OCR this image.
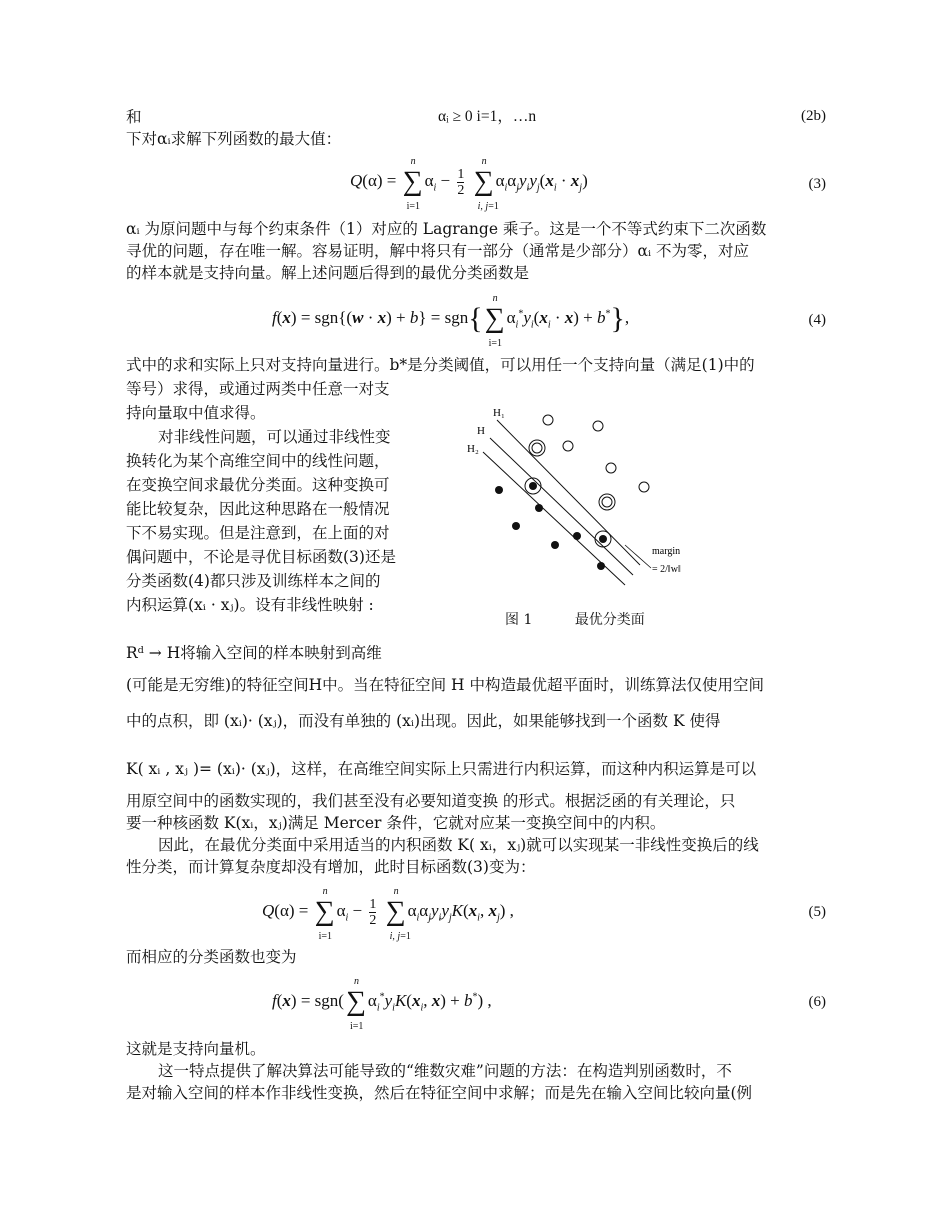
和	αᵢ ≥ 0 i=1，…n	(2b)
下对αᵢ求解下列函数的最大值：
Q(α) = ∑
n
i=1
$\alpha_i - \frac{1}{2}$ ∑
n
i, j=1
$\alpha_i\alpha_jy_iy_j(x_i \cdot x_j)$	(3)
αᵢ 为原问题中与每个约束条件（1）对应的 Lagrange 乘子。这是一个不等式约束下二次函数
寻优的问题，存在唯一解。容易证明，解中将只有一部分（通常是少部分）αᵢ 不为零，对应
的样本就是支持向量。解上述问题后得到的最优分类函数是
f(x) = sgn{(w · x) + b} = sgn{∑
n
i=1
$\alpha_i^*y_i(x_i \cdot x) + b^*$},	(4)
式中的求和实际上只对支持向量进行。b*是分类阈值，可以用任一个支持向量（满足(1)中的
等号）求得，或通过两类中任意一对支
持向量取中值求得。
对非线性问题，可以通过非线性变
换转化为某个高维空间中的线性问题，
在变换空间求最优分类面。这种变换可
能比较复杂，因此这种思路在一般情况
下不易实现。但是注意到，在上面的对
偶问题中，不论是寻优目标函数(3)还是
分类函数(4)都只涉及训练样本之间的
内积运算(xᵢ · xⱼ)。设有非线性映射 :
H₁
H
H₂
margin
= 2/‖w‖
图 1	最优分类面
Rᵈ → H将输入空间的样本映射到高维
(可能是无穷维)的特征空间H中。当在特征空间 H 中构造最优超平面时，训练算法仅使用空间
中的点积，即 (xᵢ)· (xⱼ)，而没有单独的 (xᵢ)出现。因此，如果能够找到一个函数 K 使得
K( xᵢ , xⱼ )= (xᵢ)· (xⱼ)，这样，在高维空间实际上只需进行内积运算，而这种内积运算是可以
用原空间中的函数实现的，我们甚至没有必要知道变换 的形式。根据泛函的有关理论，只
要一种核函数 K(xᵢ，xⱼ)满足 Mercer 条件，它就对应某一变换空间中的内积。
因此，在最优分类面中采用适当的内积函数 K( xᵢ，xⱼ)就可以实现某一非线性变换后的线
性分类，而计算复杂度却没有增加，此时目标函数(3)变为：
Q(α) = ∑
n
i=1
$\alpha_i - \frac{1}{2}$ ∑
n
i, j=1
$\alpha_i\alpha_jy_iy_jK(x_i$, $x_j$) ,	(5)
而相应的分类函数也变为
f(x) = sgn(∑
n
i=1
$\alpha_i^*y_iK(x_i$, x) + b*) ,	(6)
这就是支持向量机。
这一特点提供了解决算法可能导致的“维数灾难”问题的方法：在构造判别函数时，不
是对输入空间的样本作非线性变换，然后在特征空间中求解；而是先在输入空间比较向量(例
